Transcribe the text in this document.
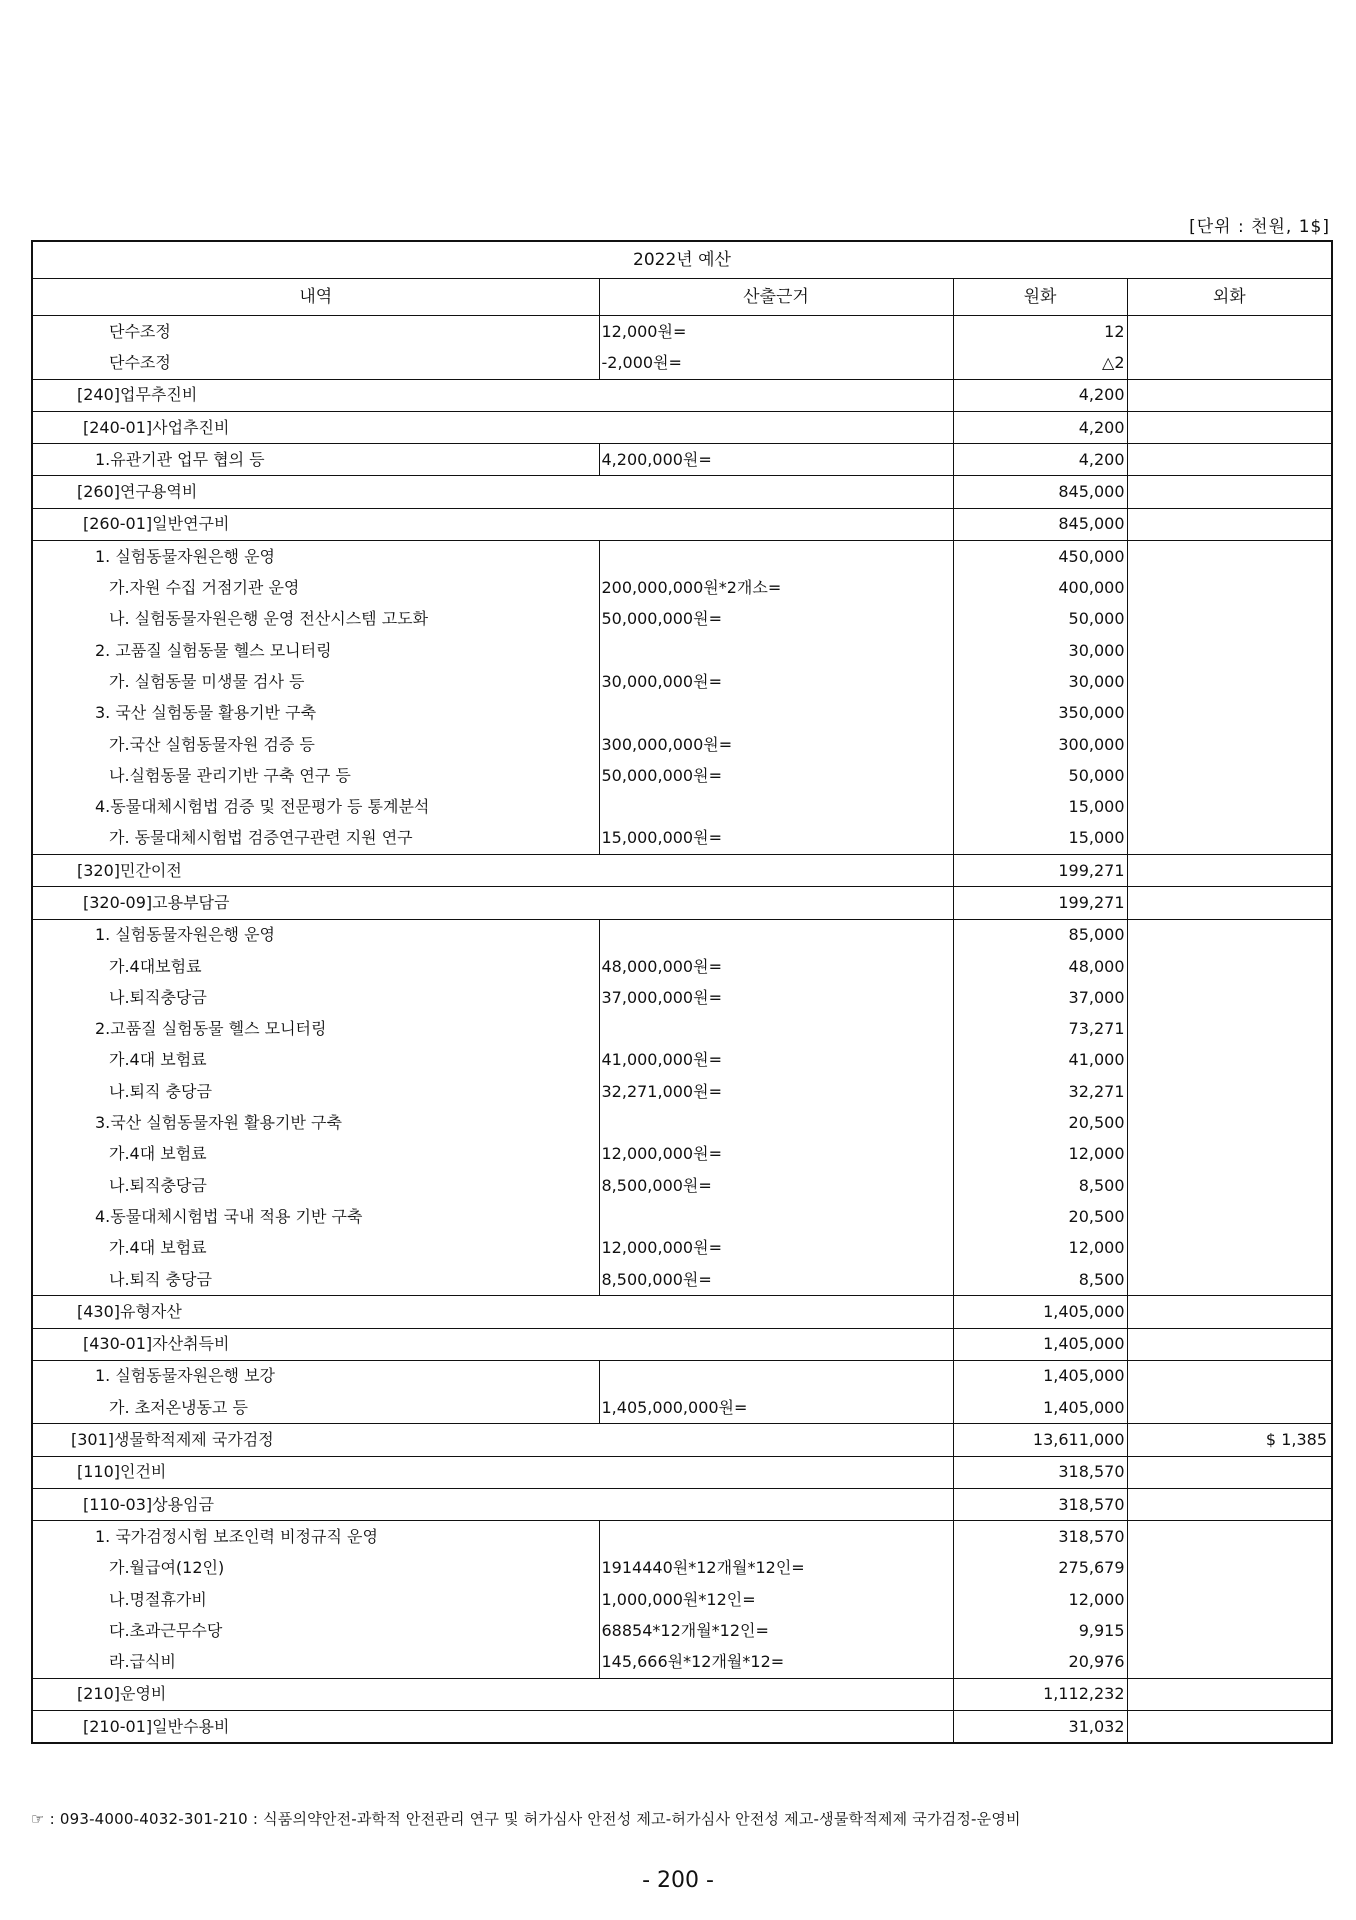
[단위 : 천원, 1$]
2022년 예산			
내역	산출근거	원화	외화
단수조정	12,000원=	12	
단수조정	-2,000원=	△2	
[240]업무추진비		4,200	
[240-01]사업추진비		4,200	
1.유관기관 업무 협의 등	4,200,000원=	4,200	
[260]연구용역비		845,000	
[260-01]일반연구비		845,000	
1. 실험동물자원은행 운영		450,000	
가.자원 수집 거점기관 운영	200,000,000원*2개소=	400,000	
나. 실험동물자원은행 운영 전산시스템 고도화	50,000,000원=	50,000	
2. 고품질 실험동물 헬스 모니터링		30,000	
가. 실험동물 미생물 검사 등	30,000,000원=	30,000	
3. 국산 실험동물 활용기반 구축		350,000	
가.국산 실험동물자원 검증 등	300,000,000원=	300,000	
나.실험동물 관리기반 구축 연구 등	50,000,000원=	50,000	
4.동물대체시험법 검증 및 전문평가 등 통계분석		15,000	
가. 동물대체시험법 검증연구관련 지원 연구	15,000,000원=	15,000	
[320]민간이전		199,271	
[320-09]고용부담금		199,271	
1. 실험동물자원은행 운영		85,000	
가.4대보험료	48,000,000원=	48,000	
나.퇴직충당금	37,000,000원=	37,000	
2.고품질 실험동물 헬스 모니터링		73,271	
가.4대 보험료	41,000,000원=	41,000	
나.퇴직 충당금	32,271,000원=	32,271	
3.국산 실험동물자원 활용기반 구축		20,500	
가.4대 보험료	12,000,000원=	12,000	
나.퇴직충당금	8,500,000원=	8,500	
4.동물대체시험법 국내 적용 기반 구축		20,500	
가.4대 보험료	12,000,000원=	12,000	
나.퇴직 충당금	8,500,000원=	8,500	
[430]유형자산		1,405,000	
[430-01]자산취득비		1,405,000	
1. 실험동물자원은행 보강		1,405,000	
가. 초저온냉동고 등	1,405,000,000원=	1,405,000	
[301]생물학적제제 국가검정		13,611,000	$ 1,385
[110]인건비		318,570	
[110-03]상용임금		318,570	
1. 국가검정시험 보조인력 비정규직 운영		318,570	
가.월급여(12인)	1914440원*12개월*12인=	275,679	
나.명절휴가비	1,000,000원*12인=	12,000	
다.초과근무수당	68854*12개월*12인=	9,915	
라.급식비	145,666원*12개월*12=	20,976	
[210]운영비		1,112,232	
[210-01]일반수용비		31,032	
☞ : 093-4000-4032-301-210 : 식품의약안전-과학적 안전관리 연구 및 허가심사 안전성 제고-허가심사 안전성 제고-생물학적제제 국가검정-운영비
- 200 -
